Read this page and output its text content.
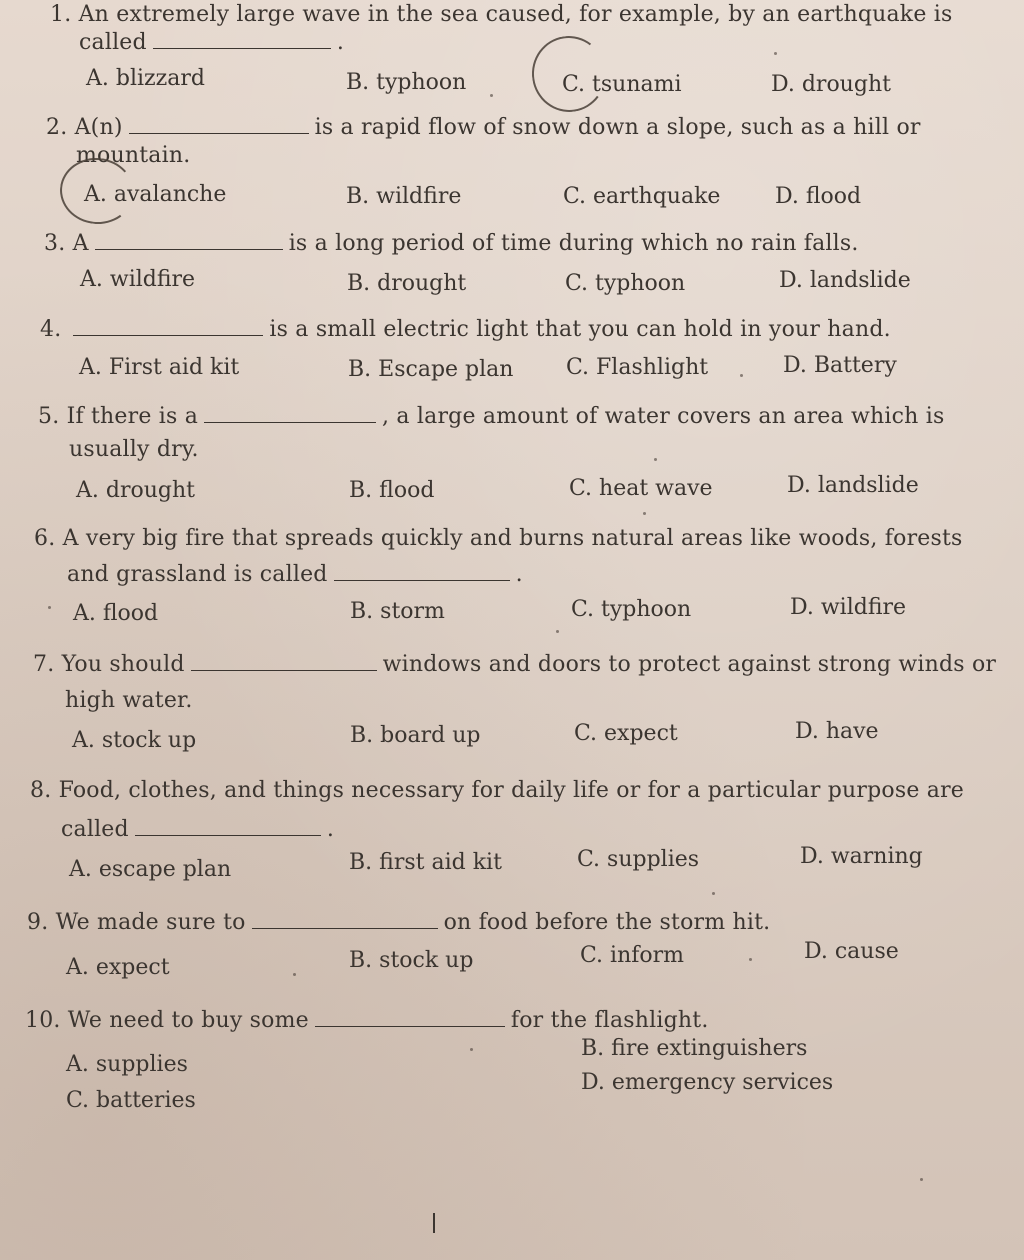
1. An extremely large wave in the sea caused, for example, by an earthquake is
called	.
A. blizzard	B. typhoon	C. tsunami	D. drought
2. A(n)	is a rapid flow of snow down a slope, such as a hill or
mountain.
A. avalanche	B. wildfire	C. earthquake D. flood
3. A	is a long period of time during which no rain falls.
A. wildfire	B. drought	C. typhoon	D. landslide
4.	is a small electric light that you can hold in your hand.
A. First aid kit	B. Escape plan C. Flashlight	D. Battery
5. If there is a	, a large amount of water covers an area which is
usually dry.
A. drought	B. flood	C. heat wave	D. landslide
6. A very big fire that spreads quickly and burns natural areas like woods, forests
and grassland is called	.
A. flood	B. storm	C. typhoon	D. wildfire
7. You should	windows and doors to protect against strong winds or
high water.
A. stock up	B. board up	C. expect	D. have
8. Food, clothes, and things necessary for daily life or for a particular purpose are
called	.
A. escape plan	B. first aid kit	C. supplies	D. warning
9. We made sure to	on food before the storm hit.
A. expect	B. stock up	C. inform	D. cause
10. We need to buy some	for the flashlight.
A. supplies
B. fire extinguishers
C. batteries
D. emergency services
